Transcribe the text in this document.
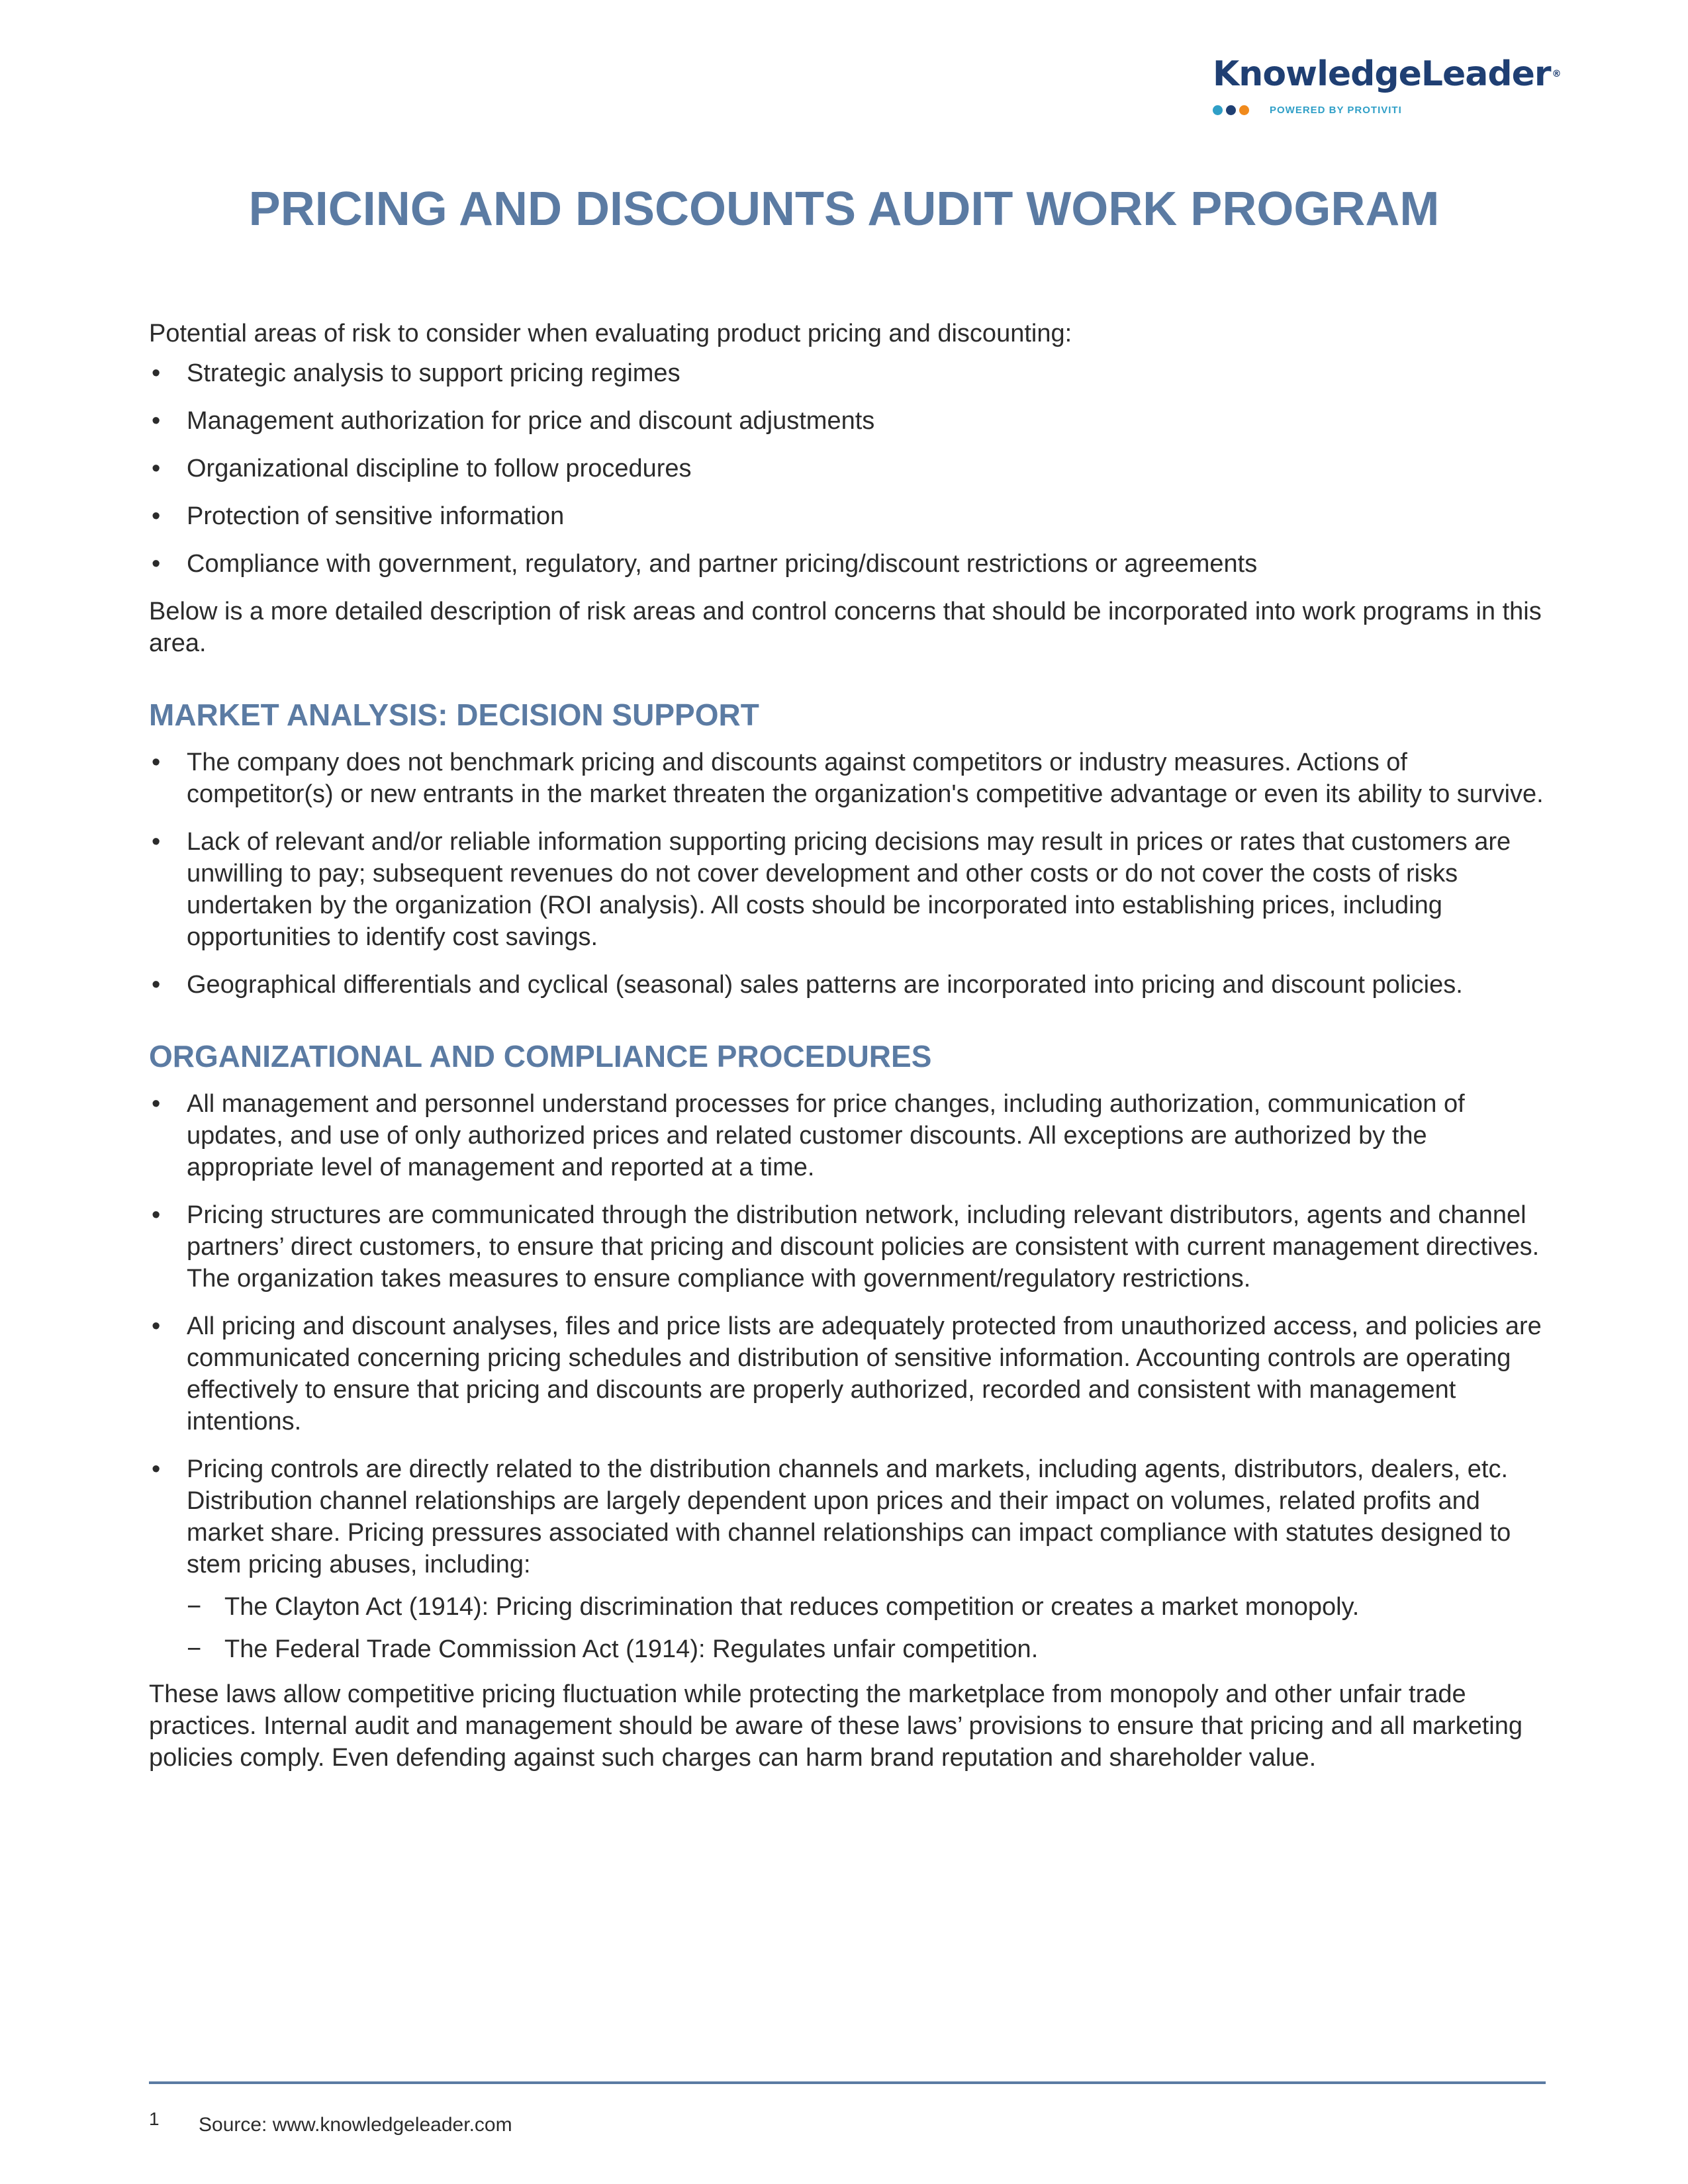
KnowledgeLeader ®
POWERED BY PROTIVITI
PRICING AND DISCOUNTS AUDIT WORK PROGRAM

Potential areas of risk to consider when evaluating product pricing and discounting:

• Strategic analysis to support pricing regimes
• Management authorization for price and discount adjustments
• Organizational discipline to follow procedures
• Protection of sensitive information
• Compliance with government, regulatory, and partner pricing/discount restrictions or agreements

Below is a more detailed description of risk areas and control concerns that should be incorporated into work programs in this area.

MARKET ANALYSIS: DECISION SUPPORT

• The company does not benchmark pricing and discounts against competitors or industry measures. Actions of competitor(s) or new entrants in the market threaten the organization's competitive advantage or even its ability to survive.
• Lack of relevant and/or reliable information supporting pricing decisions may result in prices or rates that customers are unwilling to pay; subsequent revenues do not cover development and other costs or do not cover the costs of risks undertaken by the organization (ROI analysis). All costs should be incorporated into establishing prices, including opportunities to identify cost savings.
• Geographical differentials and cyclical (seasonal) sales patterns are incorporated into pricing and discount policies.

ORGANIZATIONAL AND COMPLIANCE PROCEDURES

• All management and personnel understand processes for price changes, including authorization, communication of updates, and use of only authorized prices and related customer discounts. All exceptions are authorized by the appropriate level of management and reported at a time.
• Pricing structures are communicated through the distribution network, including relevant distributors, agents and channel partners’ direct customers, to ensure that pricing and discount policies are consistent with current management directives. The organization takes measures to ensure compliance with government/regulatory restrictions.
• All pricing and discount analyses, files and price lists are adequately protected from unauthorized access, and policies are communicated concerning pricing schedules and distribution of sensitive information. Accounting controls are operating effectively to ensure that pricing and discounts are properly authorized, recorded and consistent with management intentions.
• Pricing controls are directly related to the distribution channels and markets, including agents, distributors, dealers, etc. Distribution channel relationships are largely dependent upon prices and their impact on volumes, related profits and market share. Pricing pressures associated with channel relationships can impact compliance with statutes designed to stem pricing abuses, including:
− The Clayton Act (1914): Pricing discrimination that reduces competition or creates a market monopoly.
− The Federal Trade Commission Act (1914): Regulates unfair competition.

These laws allow competitive pricing fluctuation while protecting the marketplace from monopoly and other unfair trade practices. Internal audit and management should be aware of these laws’ provisions to ensure that pricing and all marketing policies comply. Even defending against such charges can harm brand reputation and shareholder value.

1 Source: www.knowledgeleader.com
